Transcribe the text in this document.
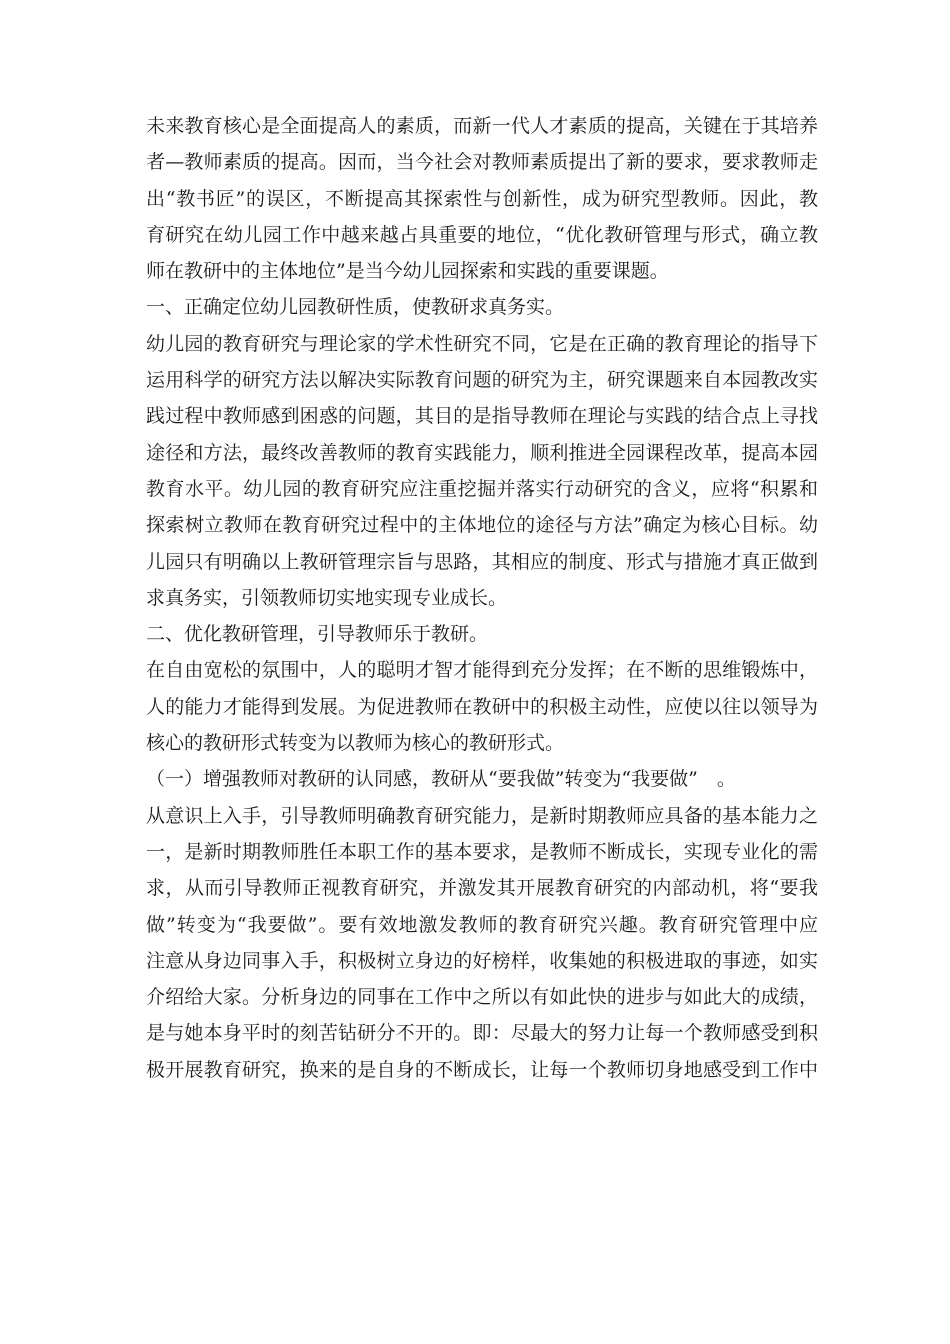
未来教育核心是全面提高人的素质，而新一代人才素质的提高，关键在于其培养
者—教师素质的提高。因而，当今社会对教师素质提出了新的要求，要求教师走
出“教书匠”的误区，不断提高其探索性与创新性，成为研究型教师。因此，教
育研究在幼儿园工作中越来越占具重要的地位，“优化教研管理与形式，确立教
师在教研中的主体地位”是当今幼儿园探索和实践的重要课题。
一、正确定位幼儿园教研性质，使教研求真务实。
幼儿园的教育研究与理论家的学术性研究不同，它是在正确的教育理论的指导下
运用科学的研究方法以解决实际教育问题的研究为主，研究课题来自本园教改实
践过程中教师感到困惑的问题，其目的是指导教师在理论与实践的结合点上寻找
途径和方法，最终改善教师的教育实践能力，顺利推进全园课程改革，提高本园
教育水平。幼儿园的教育研究应注重挖掘并落实行动研究的含义，应将“积累和
探索树立教师在教育研究过程中的主体地位的途径与方法”确定为核心目标。幼
儿园只有明确以上教研管理宗旨与思路，其相应的制度、形式与措施才真正做到
求真务实，引领教师切实地实现专业成长。
二、优化教研管理，引导教师乐于教研。
在自由宽松的氛围中，人的聪明才智才能得到充分发挥；在不断的思维锻炼中，
人的能力才能得到发展。为促进教师在教研中的积极主动性，应使以往以领导为
核心的教研形式转变为以教师为核心的教研形式。
（一）增强教师对教研的认同感，教研从“要我做”转变为“我要做”　。
从意识上入手，引导教师明确教育研究能力，是新时期教师应具备的基本能力之
一，是新时期教师胜任本职工作的基本要求，是教师不断成长，实现专业化的需
求，从而引导教师正视教育研究，并激发其开展教育研究的内部动机，将“要我
做”转变为“我要做”。要有效地激发教师的教育研究兴趣。教育研究管理中应
注意从身边同事入手，积极树立身边的好榜样，收集她的积极进取的事迹，如实
介绍给大家。分析身边的同事在工作中之所以有如此快的进步与如此大的成绩，
是与她本身平时的刻苦钻研分不开的。即：尽最大的努力让每一个教师感受到积
极开展教育研究，换来的是自身的不断成长，让每一个教师切身地感受到工作中
